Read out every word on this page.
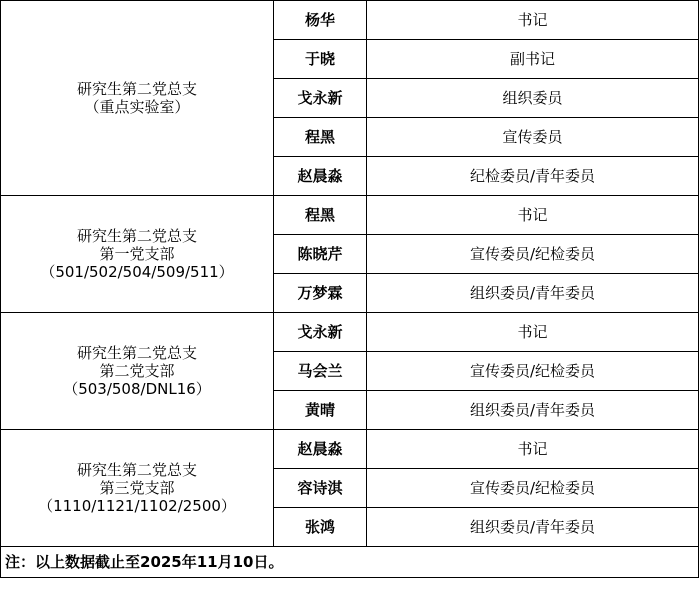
研究生第二党总支
（重点实验室）	杨华	书记
	于晓	副书记
	戈永新	组织委员
	程黑	宣传委员
	赵晨淼	纪检委员/青年委员

研究生第二党总支
第一党支部
（501/502/504/509/511）	程黑	书记
	陈晓芹	宣传委员/纪检委员
	万梦霖	组织委员/青年委员

研究生第二党总支
第二党支部
（503/508/DNL16）	戈永新	书记
	马会兰	宣传委员/纪检委员
	黄晴	组织委员/青年委员

研究生第二党总支
第三党支部
（1110/1121/1102/2500）	赵晨淼	书记
	容诗淇	宣传委员/纪检委员
	张鸿	组织委员/青年委员
注：以上数据截止至2025年11月10日。		
